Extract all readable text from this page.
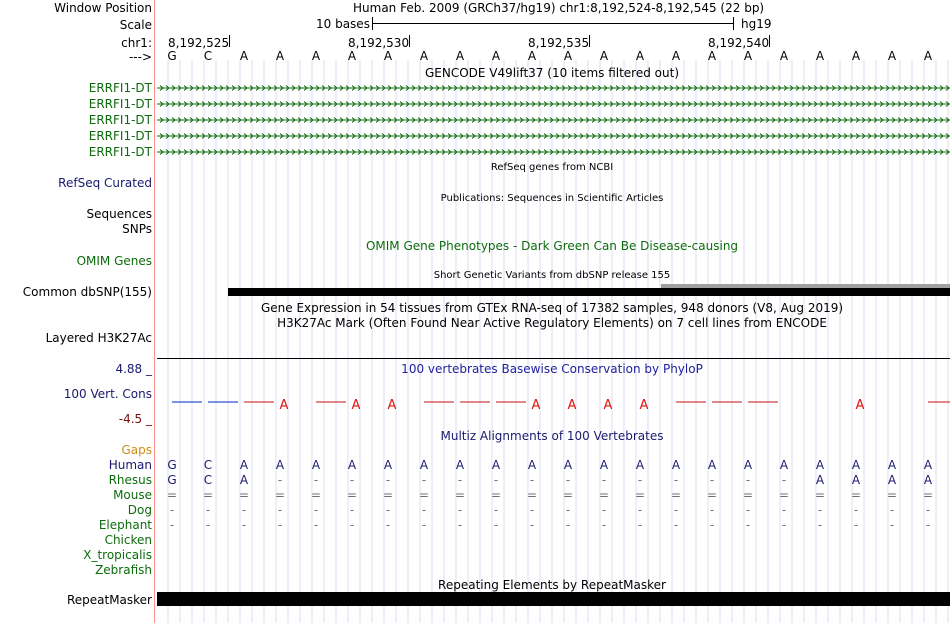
Window Position	Human Feb. 2009 (GRCh37/hg19) chr1:8,192,524-8,192,545 (22 bp)
Scale	10 bases	hg19
chr1: 8,192,525	8,192,530	8,192,535	8,192,540
---> G C A A A A A A A A A A A A A A A A A A A A
GENCODE V49lift37 (10 items filtered out)
ERRFI1-DT
ERRFI1-DT
ERRFI1-DT
ERRFI1-DT
ERRFI1-DT
RefSeq genes from NCBI
RefSeq Curated
Publications: Sequences in Scientific Articles
Sequences
SNPs
OMIM Gene Phenotypes - Dark Green Can Be Disease-causing
OMIM Genes
Short Genetic Variants from dbSNP release 155
Common dbSNP(155)
Gene Expression in 54 tissues from GTEx RNA-seq of 17382 samples, 948 donors (V8, Aug 2019)
H3K27Ac Mark (Often Found Near Active Regulatory Elements) on 7 cell lines from ENCODE
Layered H3K27Ac
100 vertebrates Basewise Conservation by PhyloP
4.88 _
100 Vert. Cons
-4.5 _
A	A A	A A A A	A
Multiz Alignments of 100 Vertebrates
Gaps
Human G C A A A A A A A A A A A A A A A A A A A A
Rhesus G C A -	-	-	-	-	-	-	-	-	-	-	-	-	-	- A A A A
Mouse = = = = = = = = = = = = = = = = = = = = = =
Dog -	-	-	-	-	-	-	-	-	-	-	-	-	-	-	-	-	-	-	-	-	-
Elephant -	-	-	-	-	-	-	-	-	-	-	-	-	-	-	-	-	-	-	-	-	-
Chicken
X_tropicalis
Zebrafish
Repeating Elements by RepeatMasker
RepeatMasker
